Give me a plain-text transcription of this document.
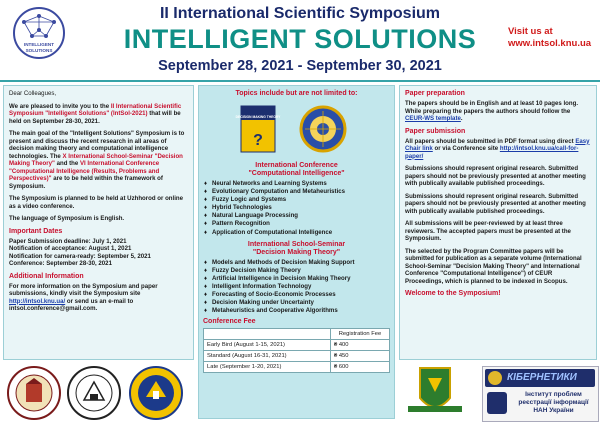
INTELLIGENT
SOLUTIONS
II International Scientific Symposium
INTELLIGENT SOLUTIONS
September 28, 2021 - September 30, 2021
Visit us at
www.intsol.knu.ua

Dear Colleagues,

We are pleased to invite you to the II International Scientific Symposium "Intelligent Solutions" (IntSol-2021) that will be held on September 28-30, 2021.

The main goal of the "Intelligent Solutions" Symposium is to present and discuss the recent research in all areas of decision making theory and computational intelligence technologies. The X International School-Seminar "Decision Making Theory" and the VI International Conference "Computational Intelligence (Results, Problems and Perspectives)" are to be held within the framework of Symposium.

The Symposium is planned to be held at Uzhhorod or online as a video conference.

The language of Symposium is English.

Important Dates

Paper Submission deadline: July 1, 2021
Notification of acceptance: August 1, 2021
Notification for camera-ready: September 5, 2021
Conference: September 28-30, 2021

Additional Information

For more information on the Symposium and paper submissions, kindly visit the Symposium site http://intsol.knu.ua/ or send us an e-mail to intsol.conference@gmail.com.

Topics include but are not limited to:
DECISION MAKING THEORY
?
International Conference
"Computational Intelligence"
♦ Neural Networks and Learning Systems
♦ Evolutionary Computation and Metaheuristics
♦ Fuzzy Logic and Systems
♦ Hybrid Technologies
♦ Natural Language Processing
♦ Pattern Recognition
♦ Application of Computational Intelligence
International School-Seminar
"Decision Making Theory"
♦ Models and Methods of Decision Making Support
♦ Fuzzy Decision Making Theory
♦ Artificial Intelligence in Decision Making Theory
♦ Intelligent Information Technology
♦ Forecasting of Socio-Economic Processes
♦ Decision Making under Uncertainty
♦ Metaheuristics and Cooperative Algorithms
Conference Fee
	Registration Fee
Early Bird (August 1-15, 2021)	₴ 400
Standard (August 16-31, 2021)	₴ 450
Late (September 1-20, 2021)	₴ 600
Paper preparation

The papers should be in English and at least 10 pages long. While preparing the papers the authors should follow the CEUR-WS template.

Paper submission

All papers should be submitted in PDF format using direct Easy Chair link or via Conference site http://intsol.knu.ua/call-for-paper/

Submissions should represent original research. Submitted papers should not be previously presented at another meeting with publically available published proceedings.

Submissions should represent original research. Submitted papers should not be previously presented at another meeting with publically available published proceedings.

All submissions will be peer-reviewed by at least three reviewers. The accepted papers must be presented at the Symposium.

The selected by the Program Committee papers will be submitted for publication as a separate volume (International School-Seminar "Decision Making Theory" and International Conference "Computational Intelligence") of CEUR Proceedings, which is planned to be indexed in Scopus.

Welcome to the Symposium!
КІБЕРНЕТИКИ
Інститут проблем
реєстрації інформації
НАН України
